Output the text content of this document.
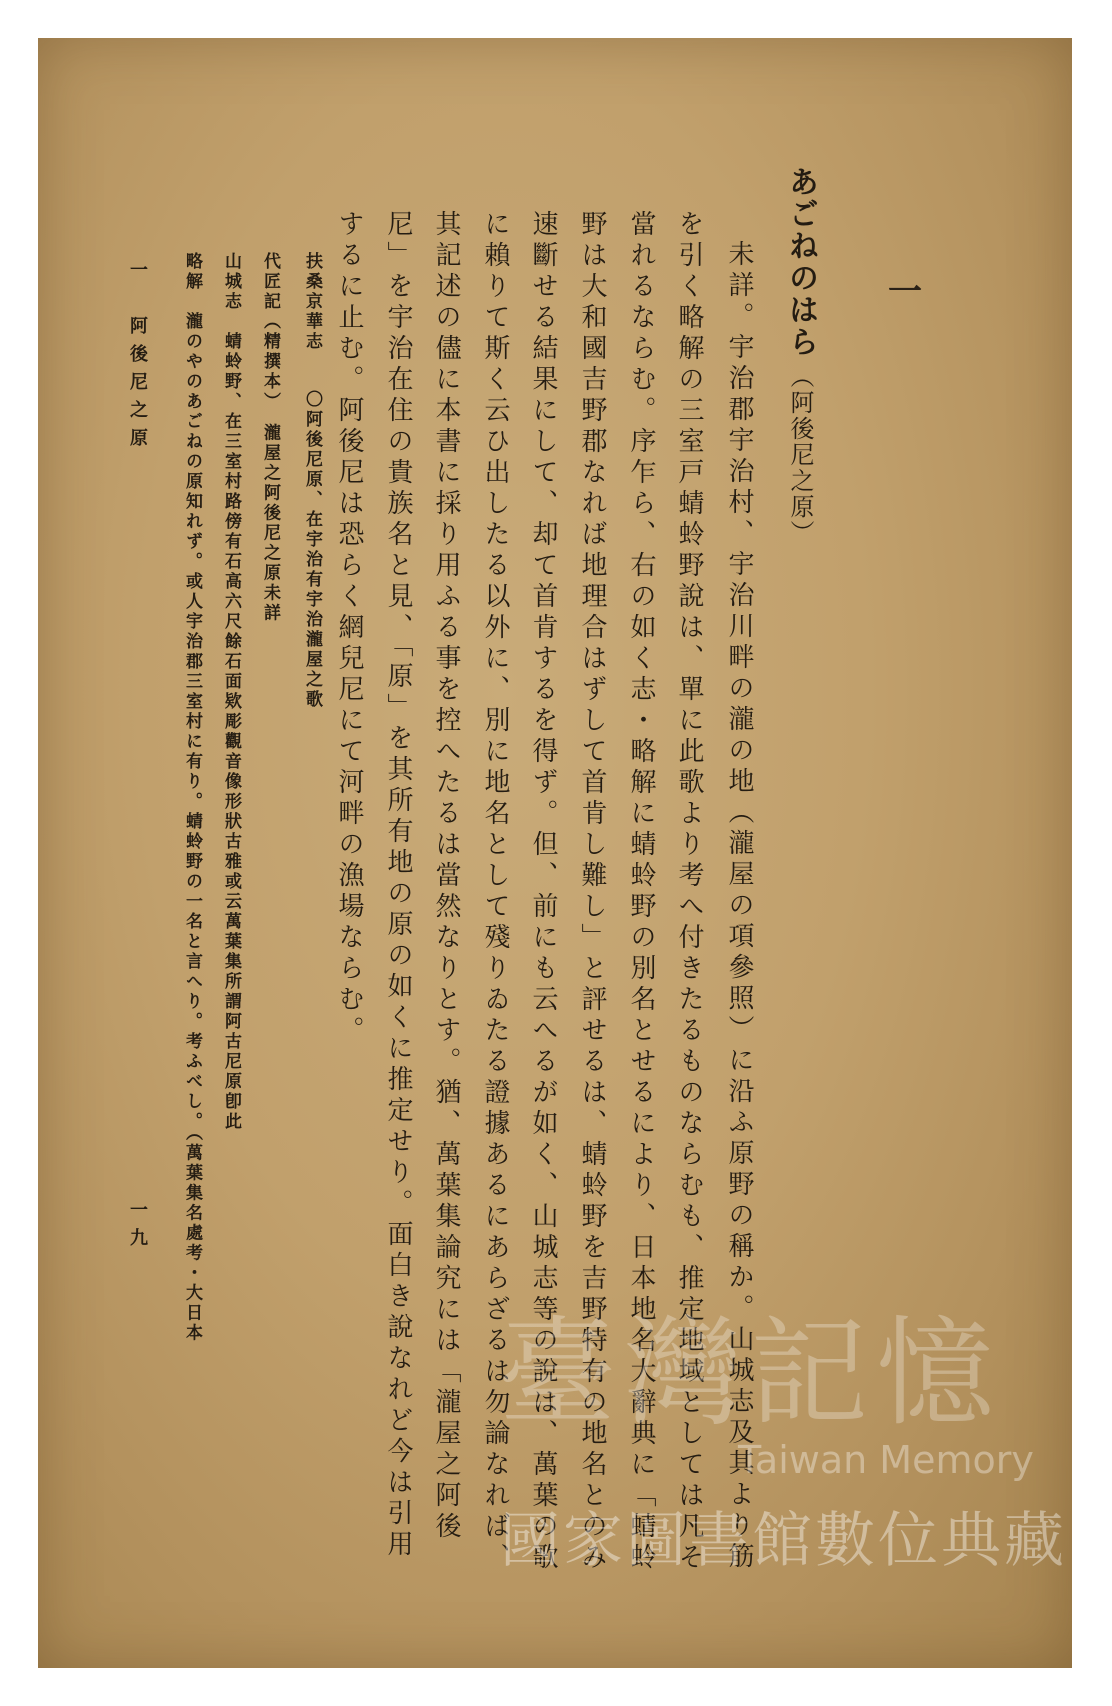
一
あごねのはら（阿後尼之原）
未詳。宇治郡宇治村、宇治川畔の瀧の地（瀧屋の項參照）に沿ふ原野の稱か。山城志及其より筋
を引く略解の三室戸蜻蛉野說は、單に此歌より考へ付きたるものならむも、推定地域としては凡そ
當れるならむ。序乍ら、右の如く志・略解に蜻蛉野の別名とせるにより、日本地名大辭典に「蜻蛉
野は大和國吉野郡なれば地理合はずして首肯し難し」と評せるは、蜻蛉野を吉野特有の地名とのみ
速斷せる結果にして、却て首肯するを得ず。但、前にも云へるが如く、山城志等の說は、萬葉の歌
に賴りて斯く云ひ出したる以外に、別に地名として殘りゐたる證據あるにあらざるは勿論なれば、
其記述の儘に本書に採り用ふる事を控へたるは當然なりとす。猶、萬葉集論究には「瀧屋之阿後
尼」を宇治在住の貴族名と見、「原」を其所有地の原の如くに推定せり。面白き說なれど今は引用
するに止む。阿後尼は恐らく網兒尼にて河畔の漁場ならむ。
扶桑京華志　〇阿後尼原、在宇治有宇治瀧屋之歌
代匠記（精撰本）　瀧屋之阿後尼之原未詳
山城志　蜻蛉野、在三室村路傍有石高六尺餘石面欵彫觀音像形狀古雅或云萬葉集所謂阿古尼原卽此
略解　瀧のやのあごねの原知れず。或人宇治郡三室村に有り。蜻蛉野の一名と言へり。考ふべし。（萬葉集名處考・大日本
一　阿後尼之原
一九
臺灣記憶
Taiwan Memory
國家圖書館數位典藏
